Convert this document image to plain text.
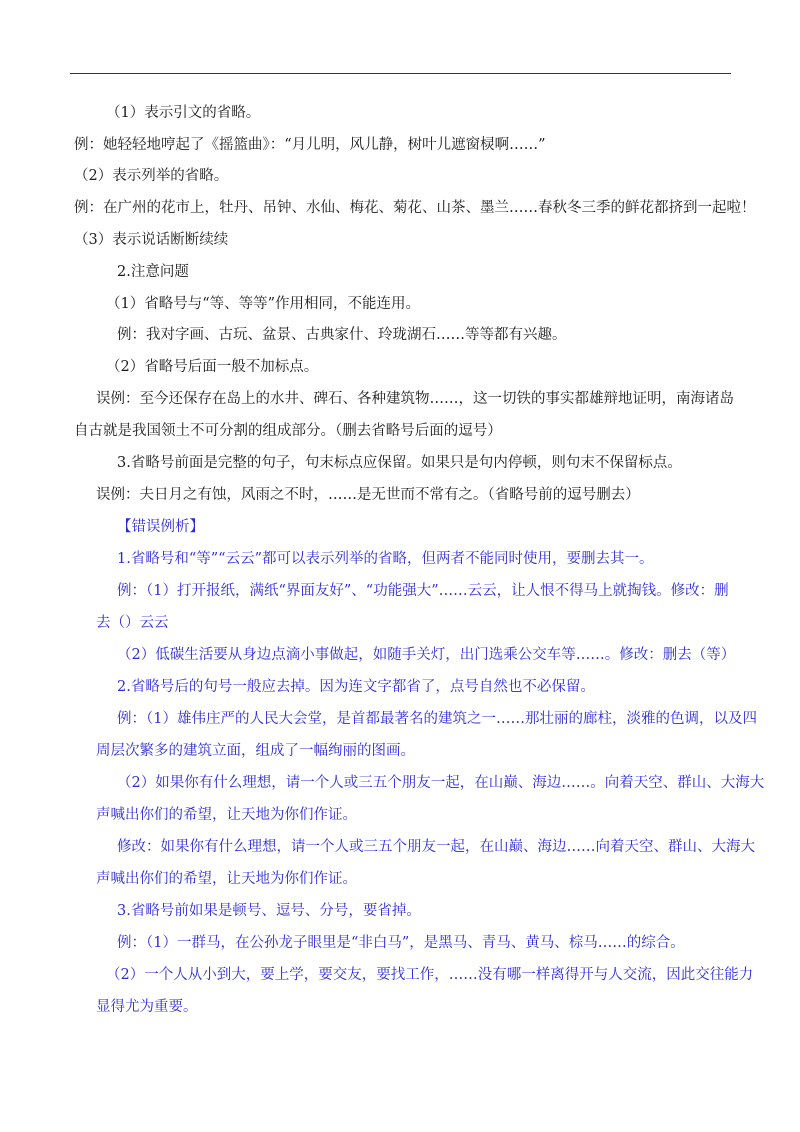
（1）表示引文的省略。
例：她轻轻地哼起了《摇篮曲》：“月儿明，风儿静，树叶儿遮窗棂啊……”
（2）表示列举的省略。
例：在广州的花市上，牡丹、吊钟、水仙、梅花、菊花、山茶、墨兰……春秋冬三季的鲜花都挤到一起啦！
（3）表示说话断断续续
2.注意问题
（1）省略号与“等、等等”作用相同，不能连用。
例：我对字画、古玩、盆景、古典家什、玲珑湖石……等等都有兴趣。
（2）省略号后面一般不加标点。
误例：至今还保存在岛上的水井、碑石、各种建筑物……，这一切铁的事实都雄辩地证明，南海诸岛
自古就是我国领土不可分割的组成部分。（删去省略号后面的逗号）
3.省略号前面是完整的句子，句末标点应保留。如果只是句内停顿，则句末不保留标点。
误例：夫日月之有蚀，风雨之不时，……是无世而不常有之。（省略号前的逗号删去）
【错误例析】
1.省略号和“等”“云云”都可以表示列举的省略，但两者不能同时使用，要删去其一。
例：（1）打开报纸，满纸“界面友好”、“功能强大”……云云，让人恨不得马上就掏钱。修改：删
去（）云云
（2）低碳生活要从身边点滴小事做起，如随手关灯，出门选乘公交车等……。修改：删去（等）
2.省略号后的句号一般应去掉。因为连文字都省了，点号自然也不必保留。
例：（1）雄伟庄严的人民大会堂，是首都最著名的建筑之一……那壮丽的廊柱，淡雅的色调，以及四
周层次繁多的建筑立面，组成了一幅绚丽的图画。
（2）如果你有什么理想，请一个人或三五个朋友一起，在山巅、海边……。向着天空、群山、大海大
声喊出你们的希望，让天地为你们作证。
修改：如果你有什么理想，请一个人或三五个朋友一起，在山巅、海边……向着天空、群山、大海大
声喊出你们的希望，让天地为你们作证。
3.省略号前如果是顿号、逗号、分号，要省掉。
例：（1）一群马，在公孙龙子眼里是“非白马”，是黑马、青马、黄马、棕马……的综合。
（2）一个人从小到大，要上学，要交友，要找工作，……没有哪一样离得开与人交流，因此交往能力
显得尤为重要。
